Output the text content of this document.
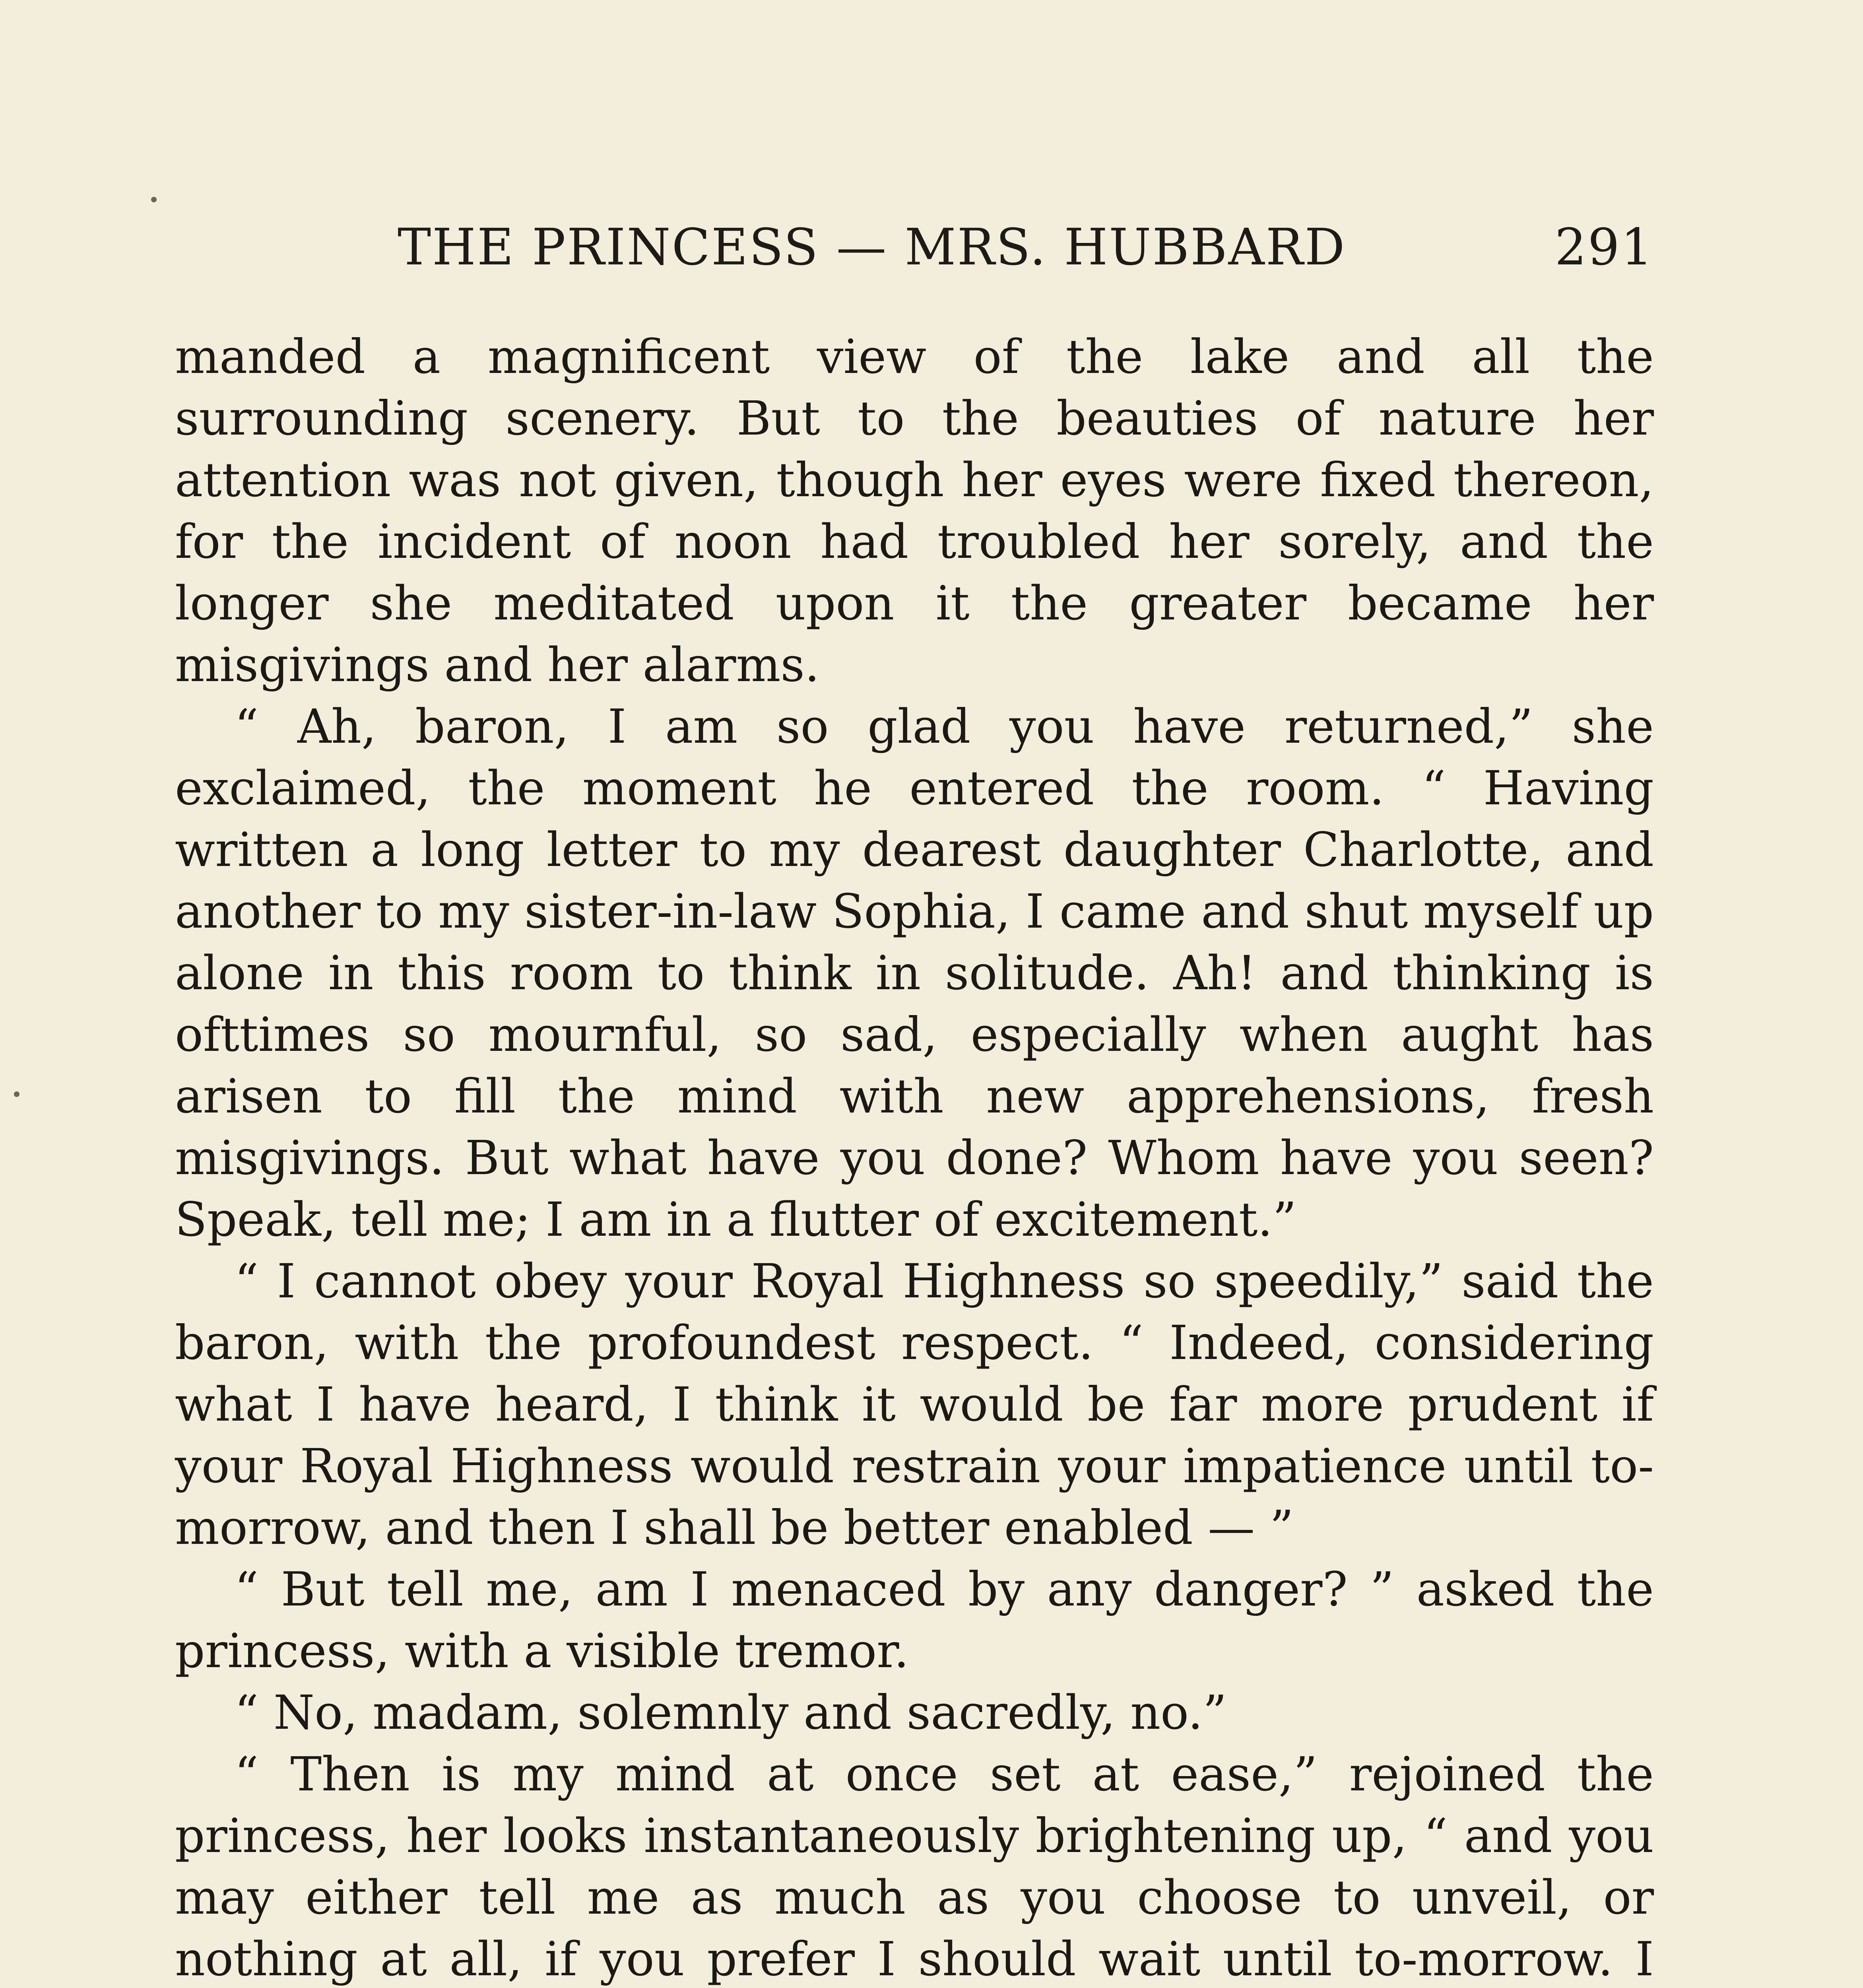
THE PRINCESS — MRS. HUBBARD	291

manded a magnificent view of the lake and all the surrounding scenery. But to the beauties of nature her attention was not given, though her eyes were fixed thereon, for the incident of noon had troubled her sorely, and the longer she meditated upon it the greater became her misgivings and her alarms.

“ Ah, baron, I am so glad you have returned,” she exclaimed, the moment he entered the room. “ Having written a long letter to my dearest daughter Charlotte, and another to my sister-in-law Sophia, I came and shut myself up alone in this room to think in solitude. Ah! and thinking is ofttimes so mournful, so sad, especially when aught has arisen to fill the mind with new apprehensions, fresh misgivings. But what have you done? Whom have you seen? Speak, tell me; I am in a flutter of excitement.”

“ I cannot obey your Royal Highness so speedily,” said the baron, with the profoundest respect. “ Indeed, considering what I have heard, I think it would be far more prudent if your Royal Highness would restrain your impatience until to-morrow, and then I shall be better enabled — ”

“ But tell me, am I menaced by any danger? ” asked the princess, with a visible tremor.

“ No, madam, solemnly and sacredly, no.”

“ Then is my mind at once set at ease,” rejoined the princess, her looks instantaneously brightening up, “ and you may either tell me as much as you choose to unveil, or nothing at all, if you prefer I should wait until to-morrow. I
